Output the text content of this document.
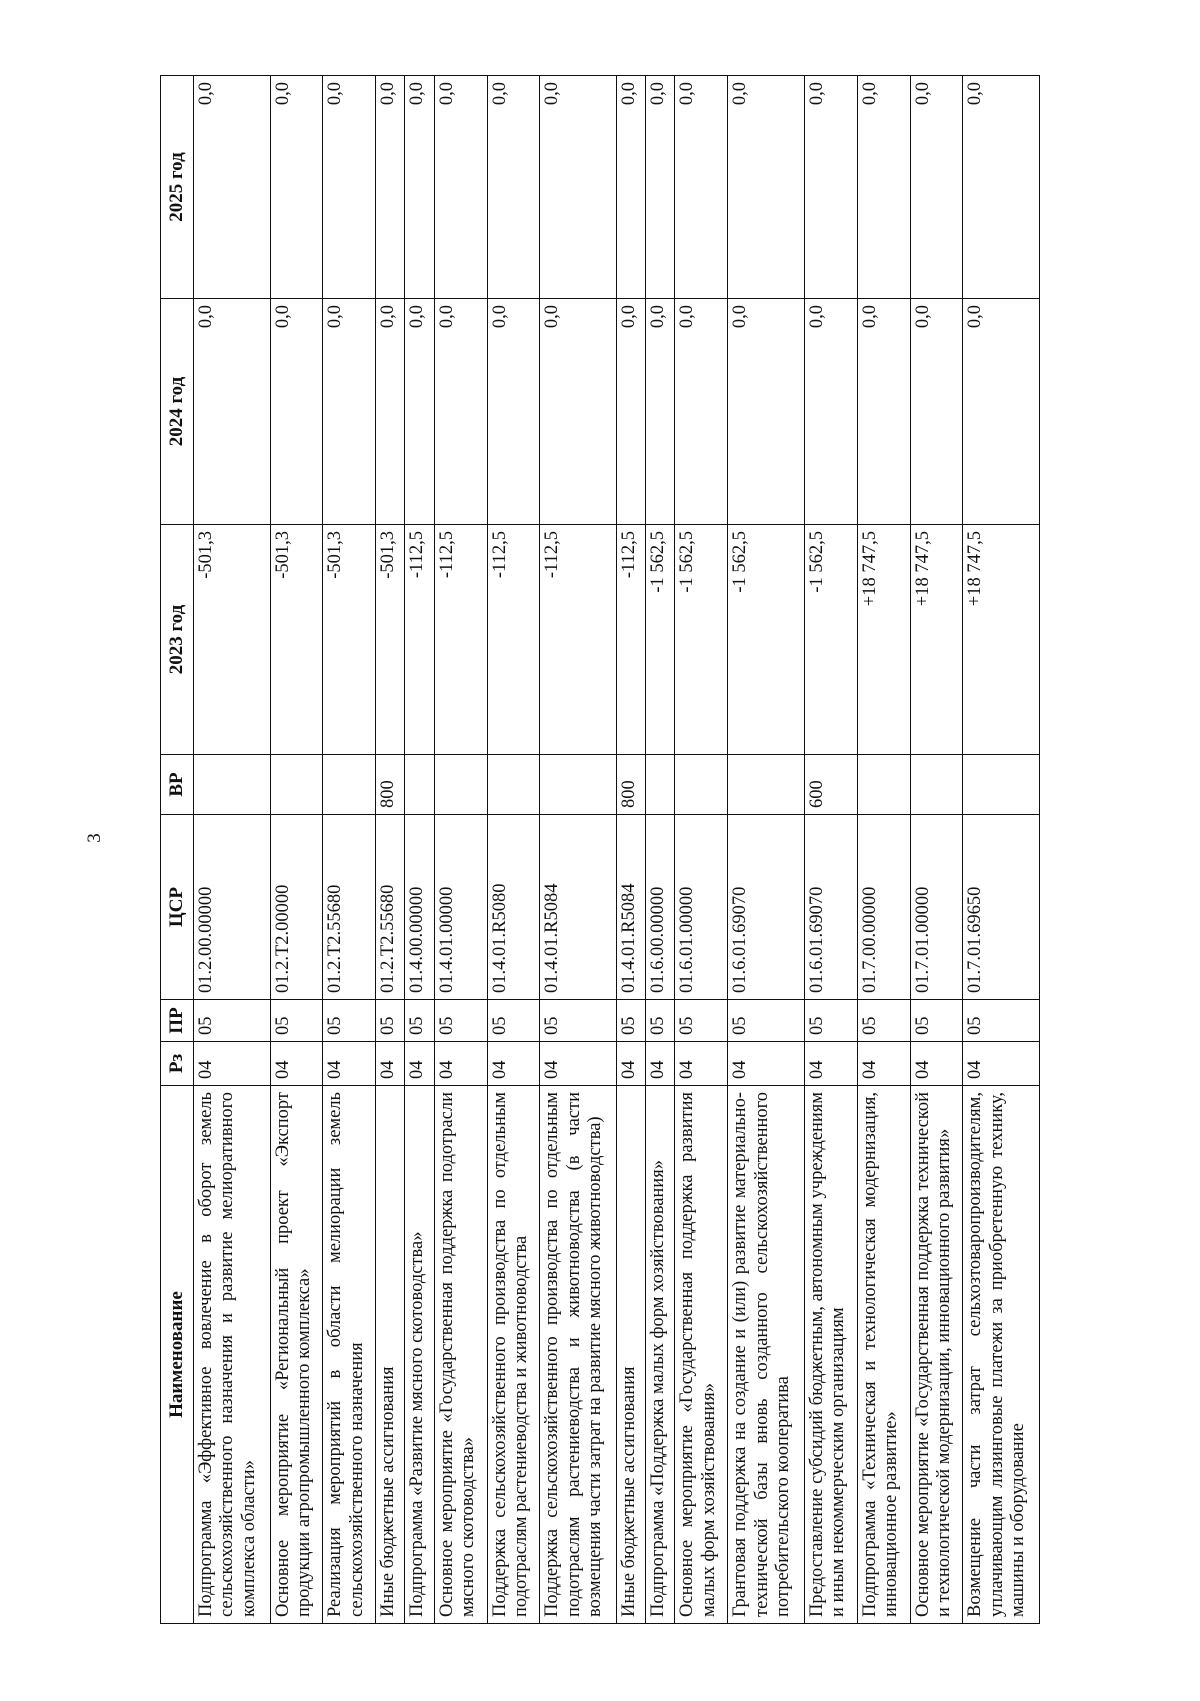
3
Наименование	Рз	ПР	ЦСР	ВР	2023 год	2024 год	2025 год
Подпрограмма «Эффективное вовлечение в оборот земель сельскохозяйственного назначения и развитие мелиоративного комплекса области»	04	05	01.2.00.00000		-501,3	0,0	0,0
Основное мероприятие «Региональный проект «Экспорт продукции агропромышленного комплекса»	04	05	01.2.T2.00000		-501,3	0,0	0,0
Реализация мероприятий в области мелиорации земель сельскохозяйственного назначения	04	05	01.2.T2.55680		-501,3	0,0	0,0
Иные бюджетные ассигнования	04	05	01.2.T2.55680	800	-501,3	0,0	0,0
Подпрограмма «Развитие мясного скотоводства»	04	05	01.4.00.00000		-112,5	0,0	0,0
Основное мероприятие «Государственная поддержка подотрасли мясного скотоводства»	04	05	01.4.01.00000		-112,5	0,0	0,0
Поддержка сельскохозяйственного производства по отдельным подотраслям растениеводства и животноводства	04	05	01.4.01.R5080		-112,5	0,0	0,0
Поддержка сельскохозяйственного производства по отдельным подотраслям растениеводства и животноводства (в части возмещения части затрат на развитие мясного животноводства)	04	05	01.4.01.R5084		-112,5	0,0	0,0
Иные бюджетные ассигнования	04	05	01.4.01.R5084	800	-112,5	0,0	0,0
Подпрограмма «Поддержка малых форм хозяйствования»	04	05	01.6.00.00000		-1 562,5	0,0	0,0
Основное мероприятие «Государственная поддержка развития малых форм хозяйствования»	04	05	01.6.01.00000		-1 562,5	0,0	0,0
Грантовая поддержка на создание и (или) развитие материально-технической базы вновь созданного сельскохозяйственного потребительского кооператива	04	05	01.6.01.69070		-1 562,5	0,0	0,0
Предоставление субсидий бюджетным, автономным учреждениям и иным некоммерческим организациям	04	05	01.6.01.69070	600	-1 562,5	0,0	0,0
Подпрограмма «Техническая и технологическая модернизация, инновационное развитие»	04	05	01.7.00.00000		+18 747,5	0,0	0,0
Основное мероприятие «Государственная поддержка технической и технологической модернизации, инновационного развития»	04	05	01.7.01.00000		+18 747,5	0,0	0,0
Возмещение части затрат сельхозтоваропроизводителям, уплачивающим лизинговые платежи за приобретенную технику, машины и оборудование	04	05	01.7.01.69650		+18 747,5	0,0	0,0
